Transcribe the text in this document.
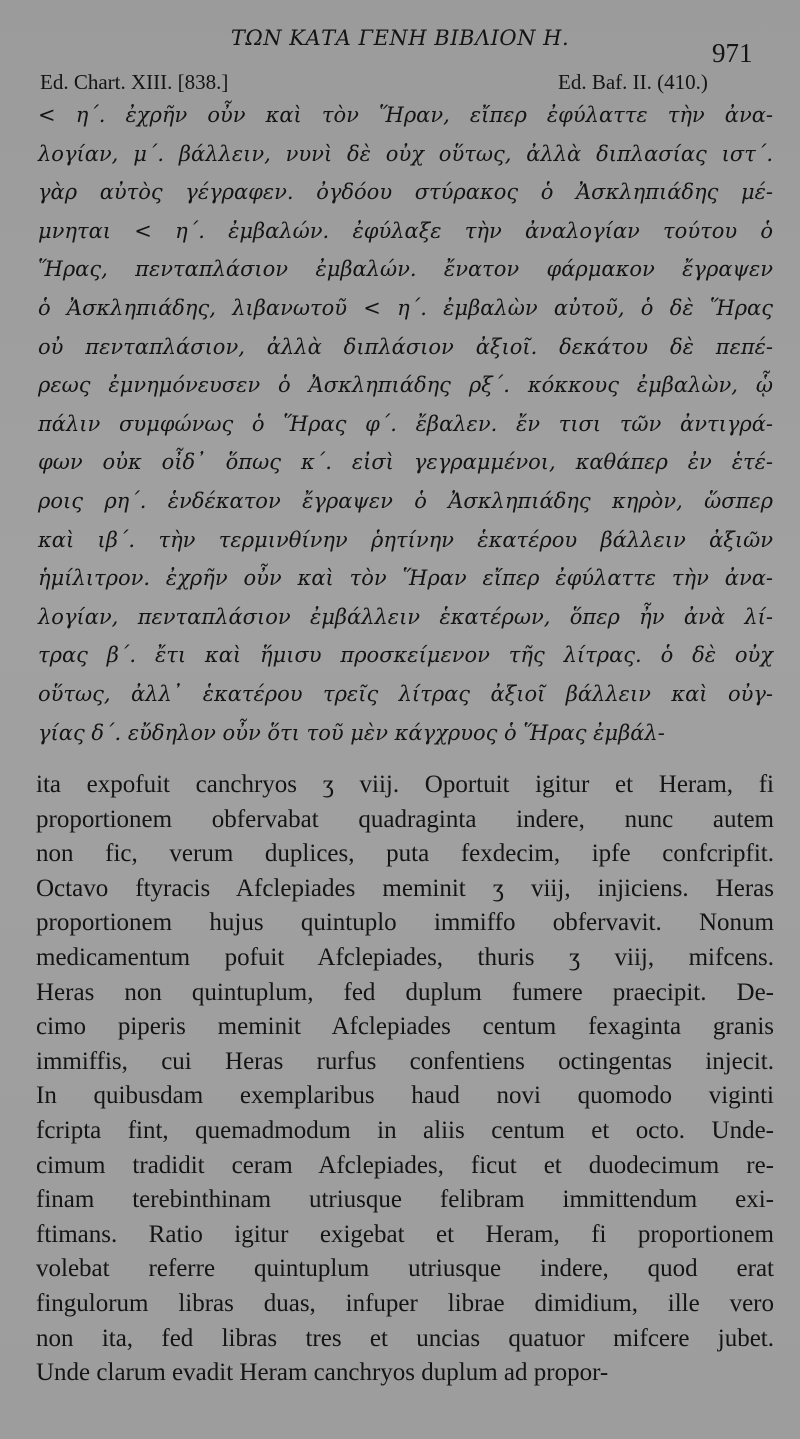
ΤΩΝ ΚΑΤΑ ΓΕΝΗ ΒΙΒΛΙΟΝ Η.	971
Ed. Chart. XIII. [838.]	Ed. Baf. II. (410.)
< η΄. ἐχρῆν οὖν καὶ τὸν Ἥραν, εἴπερ ἐφύλαττε τὴν ἀνα-
λογίαν, μ΄. βάλλειν, νυνὶ δὲ οὐχ οὕτως, ἀλλὰ διπλασίας ιστ΄.
γὰρ αὐτὸς γέγραφεν. ὀγδόου στύρακος ὁ Ἀσκληπιάδης μέ-
μνηται < η΄. ἐμβαλών. ἐφύλαξε τὴν ἀναλογίαν τούτου ὁ
Ἥρας, πενταπλάσιον ἐμβαλών. ἔνατον φάρμακον ἔγραψεν
ὁ Ἀσκληπιάδης, λιβανωτοῦ < η΄. ἐμβαλὼν αὐτοῦ, ὁ δὲ Ἥρας
οὐ πενταπλάσιον, ἀλλὰ διπλάσιον ἀξιοῖ. δεκάτου δὲ πεπέ-
ρεως ἐμνημόνευσεν ὁ Ἀσκληπιάδης ρξ΄. κόκκους ἐμβαλὼν, ᾧ
πάλιν συμφώνως ὁ Ἥρας φ΄. ἔβαλεν. ἔν τισι τῶν ἀντιγρά-
φων οὐκ οἶδ᾽ ὅπως κ΄. εἰσὶ γεγραμμένοι, καθάπερ ἐν ἑτέ-
ροις ρη΄. ἑνδέκατον ἔγραψεν ὁ Ἀσκληπιάδης κηρὸν, ὥσπερ
καὶ ιβ΄. τὴν τερμινθίνην ῥητίνην ἑκατέρου βάλλειν ἀξιῶν
ἡμίλιτρον. ἐχρῆν οὖν καὶ τὸν Ἥραν εἴπερ ἐφύλαττε τὴν ἀνα-
λογίαν, πενταπλάσιον ἐμβάλλειν ἑκατέρων, ὅπερ ἦν ἀνὰ λί-
τρας β΄. ἔτι καὶ ἥμισυ προσκείμενον τῆς λίτρας. ὁ δὲ οὐχ
οὕτως, ἀλλ᾽ ἑκατέρου τρεῖς λίτρας ἀξιοῖ βάλλειν καὶ οὐγ-
γίας δ΄. εὔδηλον οὖν ὅτι τοῦ μὲν κάγχρυος ὁ Ἥρας ἐμβάλ-
ita expofuit canchryos ʒ viij. Oportuit igitur et Heram, fi
proportionem obfervabat quadraginta indere, nunc autem
non fic, verum duplices, puta fexdecim, ipfe confcripfit.
Octavo ftyracis Afclepiades meminit ʒ viij, injiciens. Heras
proportionem hujus quintuplo immiffo obfervavit. Nonum
medicamentum pofuit Afclepiades, thuris ʒ viij, mifcens.
Heras non quintuplum, fed duplum fumere praecipit. De-
cimo piperis meminit Afclepiades centum fexaginta granis
immiffis, cui Heras rurfus confentiens octingentas injecit.
In quibusdam exemplaribus haud novi quomodo viginti
fcripta fint, quemadmodum in aliis centum et octo. Unde-
cimum tradidit ceram Afclepiades, ficut et duodecimum re-
finam terebinthinam utriusque felibram immittendum exi-
ftimans. Ratio igitur exigebat et Heram, fi proportionem
volebat referre quintuplum utriusque indere, quod erat
fingulorum libras duas, infuper librae dimidium, ille vero
non ita, fed libras tres et uncias quatuor mifcere jubet.
Unde clarum evadit Heram canchryos duplum ad propor-
